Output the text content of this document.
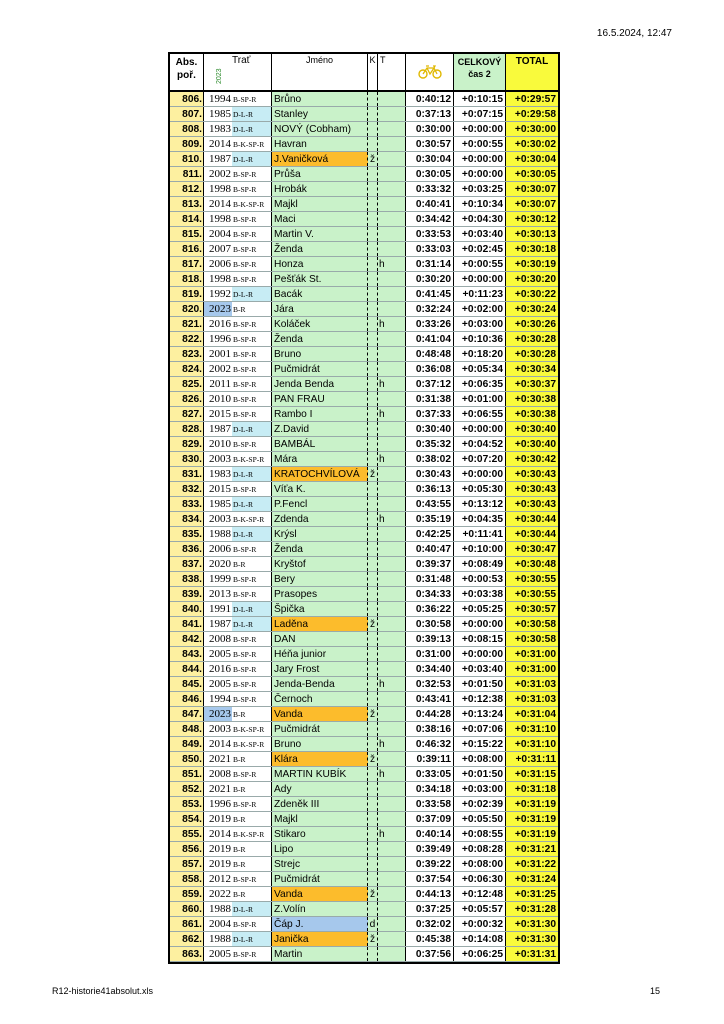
16.5.2024, 12:47
Abs. poř.	2023
Trať	Jméno	K T	CELKOVÝ čas 2
TOTAL
806. 1994 B-SP-R	Brůno	0:40:12	+0:10:15	+0:29:57
807. 1985 D-L-R	Stanley	0:37:13	+0:07:15	+0:29:58
808. 1983 D-L-R	NOVÝ (Cobham)	0:30:00	+0:00:00	+0:30:00
809. 2014 B-K-SP-R Havran	0:30:57	+0:00:55	+0:30:02
810. 1987 D-L-R	J.Vaničková	ž	0:30:04	+0:00:00	+0:30:04
811. 2002 B-SP-R	Průša	0:30:05	+0:00:00	+0:30:05
812. 1998 B-SP-R	Hrobák	0:33:32	+0:03:25	+0:30:07
813. 2014 B-K-SP-R Majkl	0:40:41	+0:10:34	+0:30:07
814. 1998 B-SP-R	Maci	0:34:42	+0:04:30	+0:30:12
815. 2004 B-SP-R	Martin V.	0:33:53	+0:03:40	+0:30:13
816. 2007 B-SP-R	Ženda	0:33:03	+0:02:45	+0:30:18
817. 2006 B-SP-R	Honza	h	0:31:14	+0:00:55	+0:30:19
818. 1998 B-SP-R	Pešťák St.	0:30:20	+0:00:00	+0:30:20
819. 1992 D-L-R	Bacák	0:41:45	+0:11:23	+0:30:22
820. 2023 B-R	Jára	0:32:24	+0:02:00	+0:30:24
821. 2016 B-SP-R	Koláček	h	0:33:26	+0:03:00	+0:30:26
822. 1996 B-SP-R	Ženda	0:41:04	+0:10:36	+0:30:28
823. 2001 B-SP-R	Bruno	0:48:48	+0:18:20	+0:30:28
824. 2002 B-SP-R	Pučmidrát	0:36:08	+0:05:34	+0:30:34
825. 2011 B-SP-R	Jenda Benda	h	0:37:12	+0:06:35	+0:30:37
826. 2010 B-SP-R	PAN FRAU	0:31:38	+0:01:00	+0:30:38
827. 2015 B-SP-R	Rambo I	h	0:37:33	+0:06:55	+0:30:38
828. 1987 D-L-R	Z.David	0:30:40	+0:00:00	+0:30:40
829. 2010 B-SP-R	BAMBÁL	0:35:32	+0:04:52	+0:30:40
830. 2003 B-K-SP-R Mára	h	0:38:02	+0:07:20	+0:30:42
831. 1983 D-L-R	KRATOCHVÍLOVÁ	ž	0:30:43	+0:00:00	+0:30:43
832. 2015 B-SP-R	Víťa K.	0:36:13	+0:05:30	+0:30:43
833. 1985 D-L-R	P.Fencl	0:43:55	+0:13:12	+0:30:43
834. 2003 B-K-SP-R Zdenda	h	0:35:19	+0:04:35	+0:30:44
835. 1988 D-L-R	Krýsl	0:42:25	+0:11:41	+0:30:44
836. 2006 B-SP-R	Ženda	0:40:47	+0:10:00	+0:30:47
837. 2020 B-R	Kryštof	0:39:37	+0:08:49	+0:30:48
838. 1999 B-SP-R	Bery	0:31:48	+0:00:53	+0:30:55
839. 2013 B-SP-R	Prasopes	0:34:33	+0:03:38	+0:30:55
840. 1991 D-L-R	Špička	0:36:22	+0:05:25	+0:30:57
841. 1987 D-L-R	Laděna	ž	0:30:58	+0:00:00	+0:30:58
842. 2008 B-SP-R	DAN	0:39:13	+0:08:15	+0:30:58
843. 2005 B-SP-R	Héňa junior	0:31:00	+0:00:00	+0:31:00
844. 2016 B-SP-R	Jary Frost	0:34:40	+0:03:40	+0:31:00
845. 2005 B-SP-R	Jenda-Benda	h	0:32:53	+0:01:50	+0:31:03
846. 1994 B-SP-R	Černoch	0:43:41	+0:12:38	+0:31:03
847. 2023 B-R	Vanda	ž	0:44:28	+0:13:24	+0:31:04
848. 2003 B-K-SP-R Pučmidrát	0:38:16	+0:07:06	+0:31:10
849. 2014 B-K-SP-R Bruno	h	0:46:32	+0:15:22	+0:31:10
850. 2021 B-R	Klára	ž	0:39:11	+0:08:00	+0:31:11
851. 2008 B-SP-R	MARTIN KUBÍK	h	0:33:05	+0:01:50	+0:31:15
852. 2021 B-R	Ady	0:34:18	+0:03:00	+0:31:18
853. 1996 B-SP-R	Zdeněk III	0:33:58	+0:02:39	+0:31:19
854. 2019 B-R	Majkl	0:37:09	+0:05:50	+0:31:19
855. 2014 B-K-SP-R Stikaro	h	0:40:14	+0:08:55	+0:31:19
856. 2019 B-R	Lipo	0:39:49	+0:08:28	+0:31:21
857. 2019 B-R	Strejc	0:39:22	+0:08:00	+0:31:22
858. 2012 B-SP-R	Pučmidrát	0:37:54	+0:06:30	+0:31:24
859. 2022 B-R	Vanda	ž	0:44:13	+0:12:48	+0:31:25
860. 1988 D-L-R	Z.Volín	0:37:25	+0:05:57	+0:31:28
861. 2004 B-SP-R	Čáp J.	d	0:32:02	+0:00:32	+0:31:30
862. 1988 D-L-R	Janička	ž	0:45:38	+0:14:08	+0:31:30
863. 2005 B-SP-R	Martin	0:37:56	+0:06:25	+0:31:31
R12-historie41absolut.xls	15
